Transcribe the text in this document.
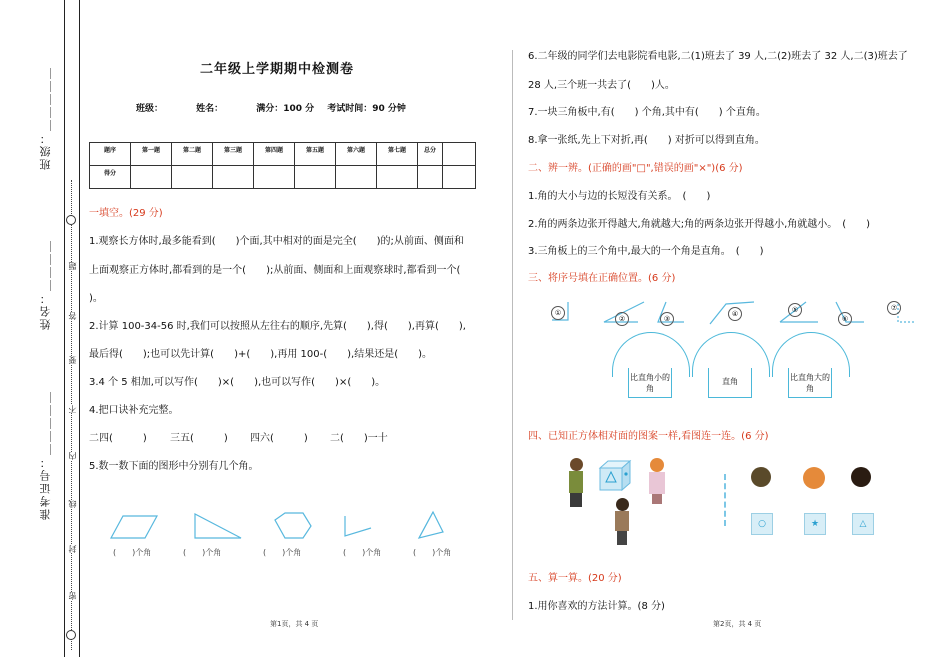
班级：＿＿＿＿＿
姓名：＿＿＿＿
准考证号：＿＿＿＿＿
题
答
要
不
内
线
封
密
二年级上学期期中检测卷
班级：	姓名：	满分：100 分 考试时间：90 分钟
题序	第一题	第二题	第三题	第四题	第五题	第六题	第七题	总分	
得分									
一填空。(29 分)
1.观察长方体时,最多能看到(　　)个面,其中相对的面是完全(　　)的;从前面、侧面和
上面观察正方体时,都看到的是一个(　　);从前面、侧面和上面观察球时,都看到一个(
)。
2.计算 100-34-56 时,我们可以按照从左往右的顺序,先算(　　),得(　　),再算(　　),
最后得(　　);也可以先计算(　　)+(　　),再用 100-(　　),结果还是(　　)。
3.4 个 5 相加,可以写作(　　)×(　　),也可以写作(　　)×(　　)。
4.把口诀补充完整。
二四(　　　) 三五(　　　) 四六(　　　) 二(　　)一十
5.数一数下面的图形中分别有几个角。
(　　)个角	(　　)个角	(　　)个角	(　　)个角	(　　)个角
第1页，共 4 页
6.二年级的同学们去电影院看电影,二(1)班去了 39 人,二(2)班去了 32 人,二(3)班去了
28 人,三个班一共去了(　　)人。
7.一块三角板中,有(　　) 个角,其中有(　　) 个直角。
8.拿一张纸,先上下对折,再(　　) 对折可以得到直角。
二、辨一辨。(正确的画"□",错误的画"×")(6 分)
1.角的大小与边的长短没有关系。　(　　)
2.角的两条边张开得越大,角就越大;角的两条边张开得越小,角就越小。　(　　)
3.三角板上的三个角中,最大的一个角是直角。　(　　)
三、将序号填在正确位置。(6 分)
①
②	③
④	⑤
⑥
⑦
比直角小的角
直角	比直角大的角
四、已知正方体相对面的图案一样,看图连一连。(6 分)
○	★	△
五、算一算。(20 分)
1.用你喜欢的方法计算。(8 分)
第2页，共 4 页
